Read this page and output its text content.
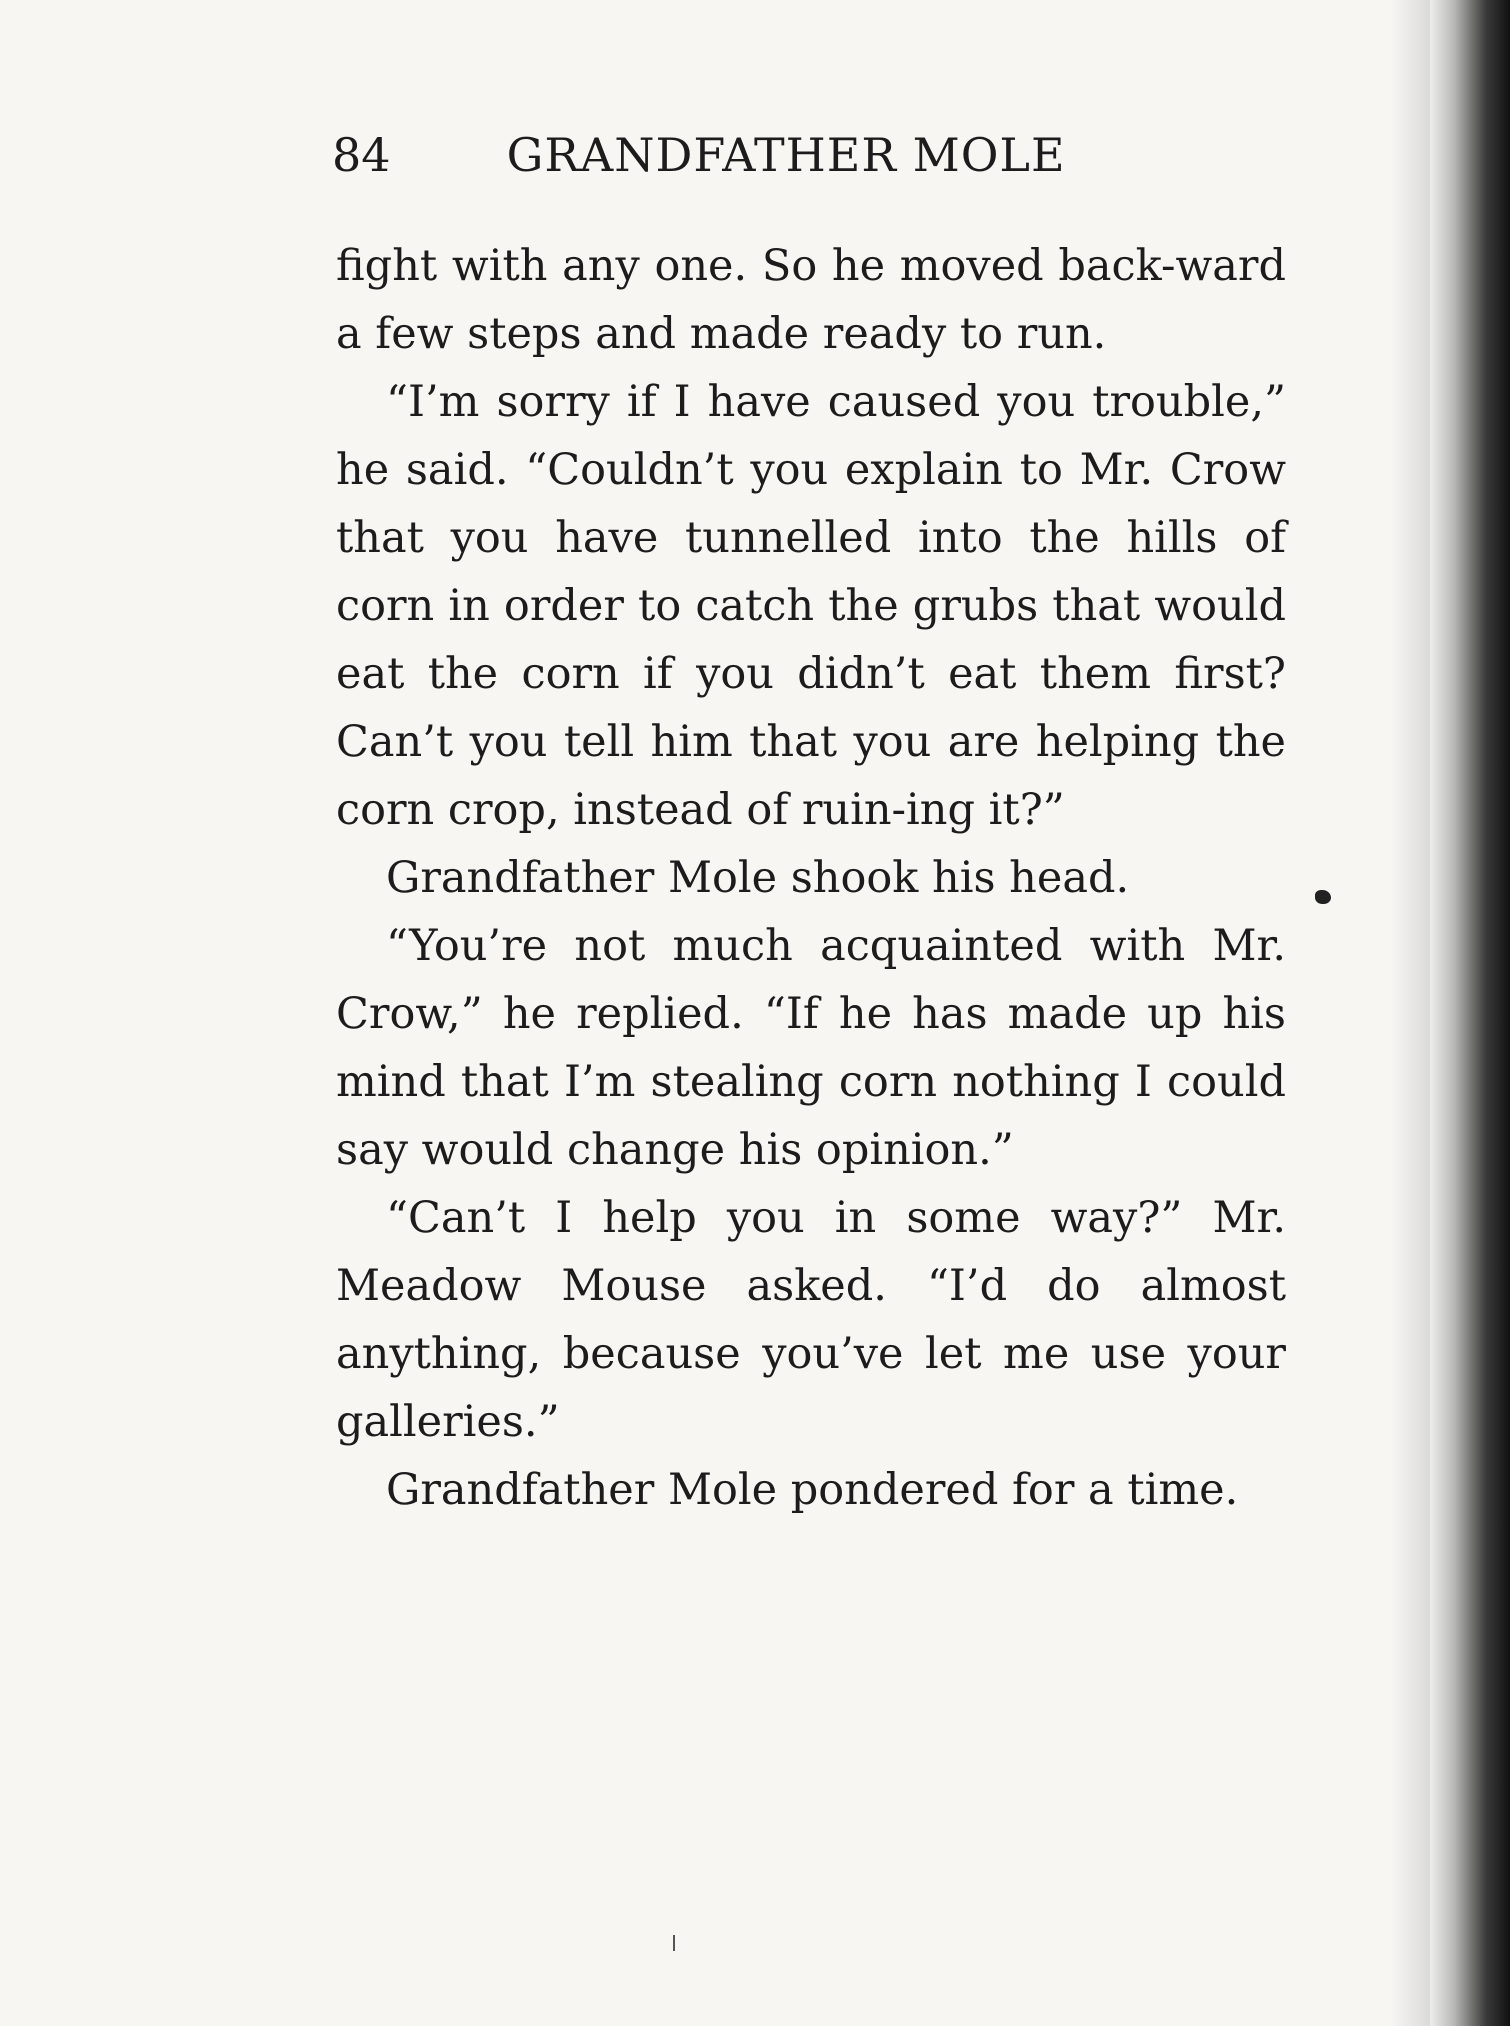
84	GRANDFATHER MOLE

fight with any one. So he moved back-ward a few steps and made ready to run.

“I’m sorry if I have caused you trouble,” he said. “Couldn’t you explain to Mr. Crow that you have tunnelled into the hills of corn in order to catch the grubs that would eat the corn if you didn’t eat them first? Can’t you tell him that you are helping the corn crop, instead of ruin-ing it?”

Grandfather Mole shook his head.

“You’re not much acquainted with Mr. Crow,” he replied. “If he has made up his mind that I’m stealing corn nothing I could say would change his opinion.”

“Can’t I help you in some way?” Mr. Meadow Mouse asked. “I’d do almost anything, because you’ve let me use your galleries.”

Grandfather Mole pondered for a time.
